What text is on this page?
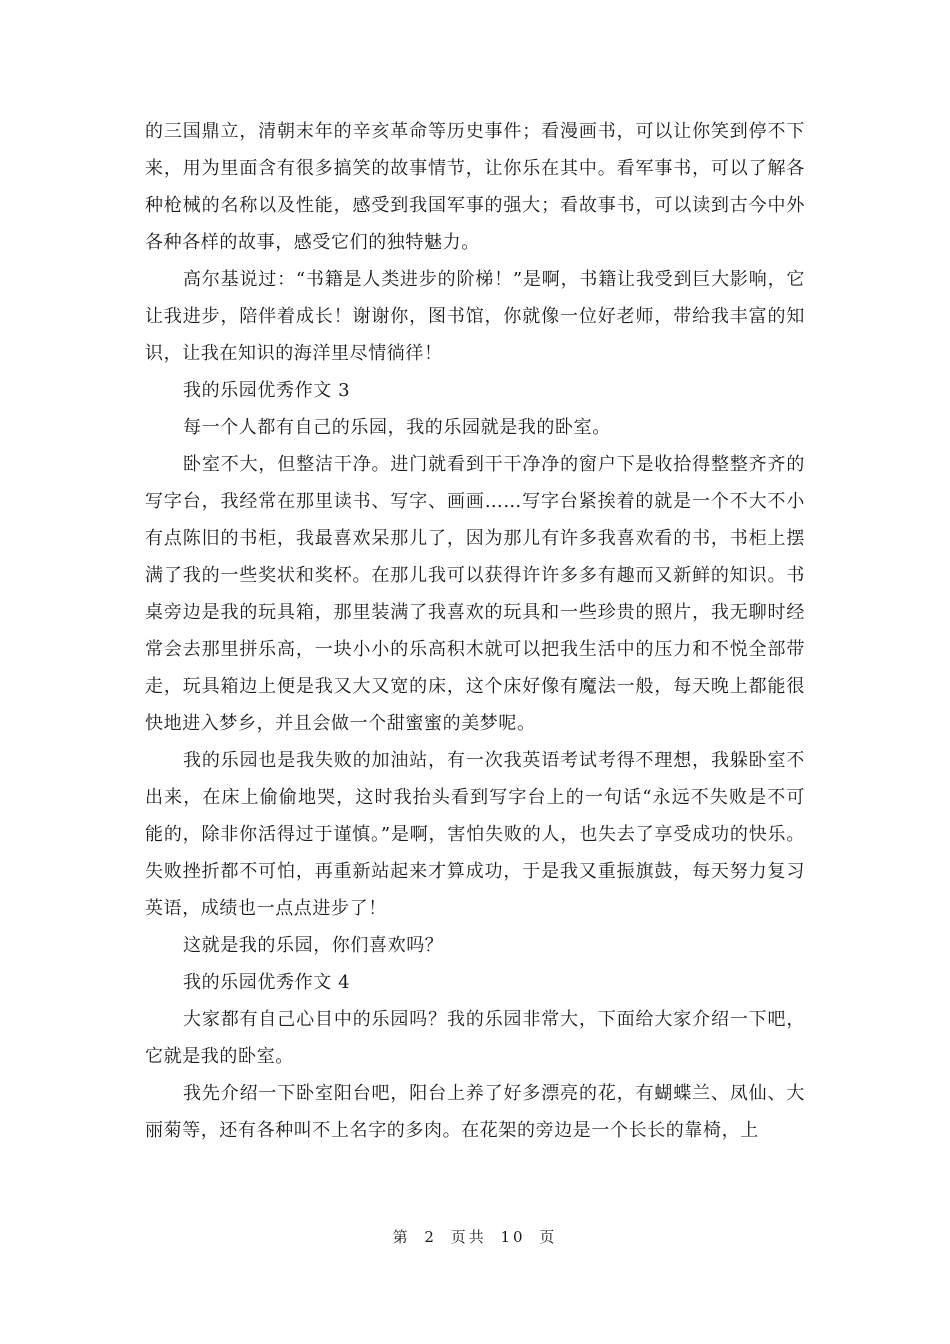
的三国鼎立，清朝末年的辛亥革命等历史事件；看漫画书，可以让你笑到停不下来，用为里面含有很多搞笑的故事情节，让你乐在其中。看军事书，可以了解各种枪械的名称以及性能，感受到我国军事的强大；看故事书，可以读到古今中外各种各样的故事，感受它们的独特魅力。

高尔基说过：“书籍是人类进步的阶梯！”是啊，书籍让我受到巨大影响，它让我进步，陪伴着成长！谢谢你，图书馆，你就像一位好老师，带给我丰富的知识，让我在知识的海洋里尽情徜徉！

我的乐园优秀作文 3

每一个人都有自己的乐园，我的乐园就是我的卧室。

卧室不大，但整洁干净。进门就看到干干净净的窗户下是收拾得整整齐齐的写字台，我经常在那里读书、写字、画画……写字台紧挨着的就是一个不大不小有点陈旧的书柜，我最喜欢呆那儿了，因为那儿有许多我喜欢看的书，书柜上摆满了我的一些奖状和奖杯。在那儿我可以获得许许多多有趣而又新鲜的知识。书桌旁边是我的玩具箱，那里装满了我喜欢的玩具和一些珍贵的照片，我无聊时经常会去那里拼乐高，一块小小的乐高积木就可以把我生活中的压力和不悦全部带走，玩具箱边上便是我又大又宽的床，这个床好像有魔法一般，每天晚上都能很快地进入梦乡，并且会做一个甜蜜蜜的美梦呢。

我的乐园也是我失败的加油站，有一次我英语考试考得不理想，我躲卧室不出来，在床上偷偷地哭，这时我抬头看到写字台上的一句话“永远不失败是不可能的，除非你活得过于谨慎。”是啊，害怕失败的人，也失去了享受成功的快乐。失败挫折都不可怕，再重新站起来才算成功，于是我又重振旗鼓，每天努力复习英语，成绩也一点点进步了！

这就是我的乐园，你们喜欢吗？

我的乐园优秀作文 4

大家都有自己心目中的乐园吗？我的乐园非常大，下面给大家介绍一下吧，它就是我的卧室。

我先介绍一下卧室阳台吧，阳台上养了好多漂亮的花，有蝴蝶兰、凤仙、大丽菊等，还有各种叫不上名字的多肉。在花架的旁边是一个长长的靠椅，上

第 2 页共 10 页
